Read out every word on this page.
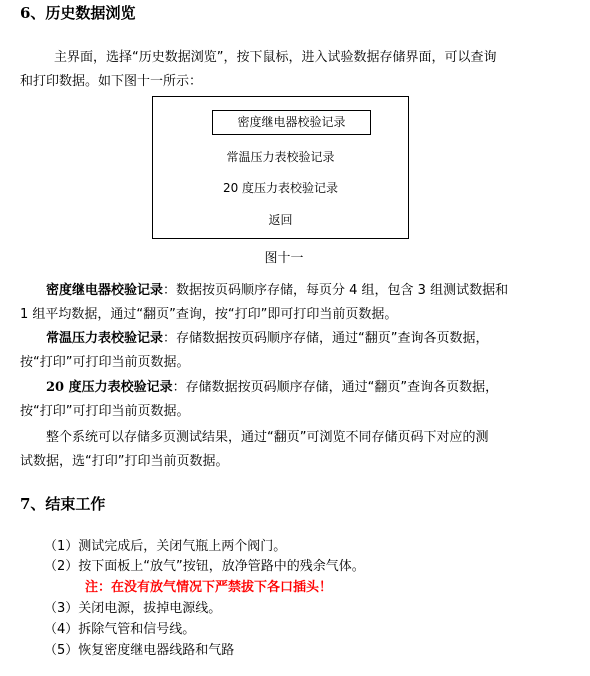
6、历史数据浏览
主界面，选择“历史数据浏览”，按下鼠标，进入试验数据存储界面，可以查询
和打印数据。如下图十一所示：
密度继电器校验记录
常温压力表校验记录
20 度压力表校验记录
返回
图十一
密度继电器校验记录：数据按页码顺序存储，每页分 4 组，包含 3 组测试数据和
1 组平均数据，通过“翻页”查询，按“打印”即可打印当前页数据。
常温压力表校验记录：存储数据按页码顺序存储，通过“翻页”查询各页数据，
按“打印”可打印当前页数据。
20 度压力表校验记录：存储数据按页码顺序存储，通过“翻页”查询各页数据，
按“打印”可打印当前页数据。
整个系统可以存储多页测试结果，通过“翻页”可浏览不同存储页码下对应的测
试数据，选“打印”打印当前页数据。
7、结束工作
（1）测试完成后，关闭气瓶上两个阀门。
（2）按下面板上“放气”按钮，放净管路中的残余气体。
注：在没有放气情况下严禁拔下各口插头！
（3）关闭电源，拔掉电源线。
（4）拆除气管和信号线。
（5）恢复密度继电器线路和气路
